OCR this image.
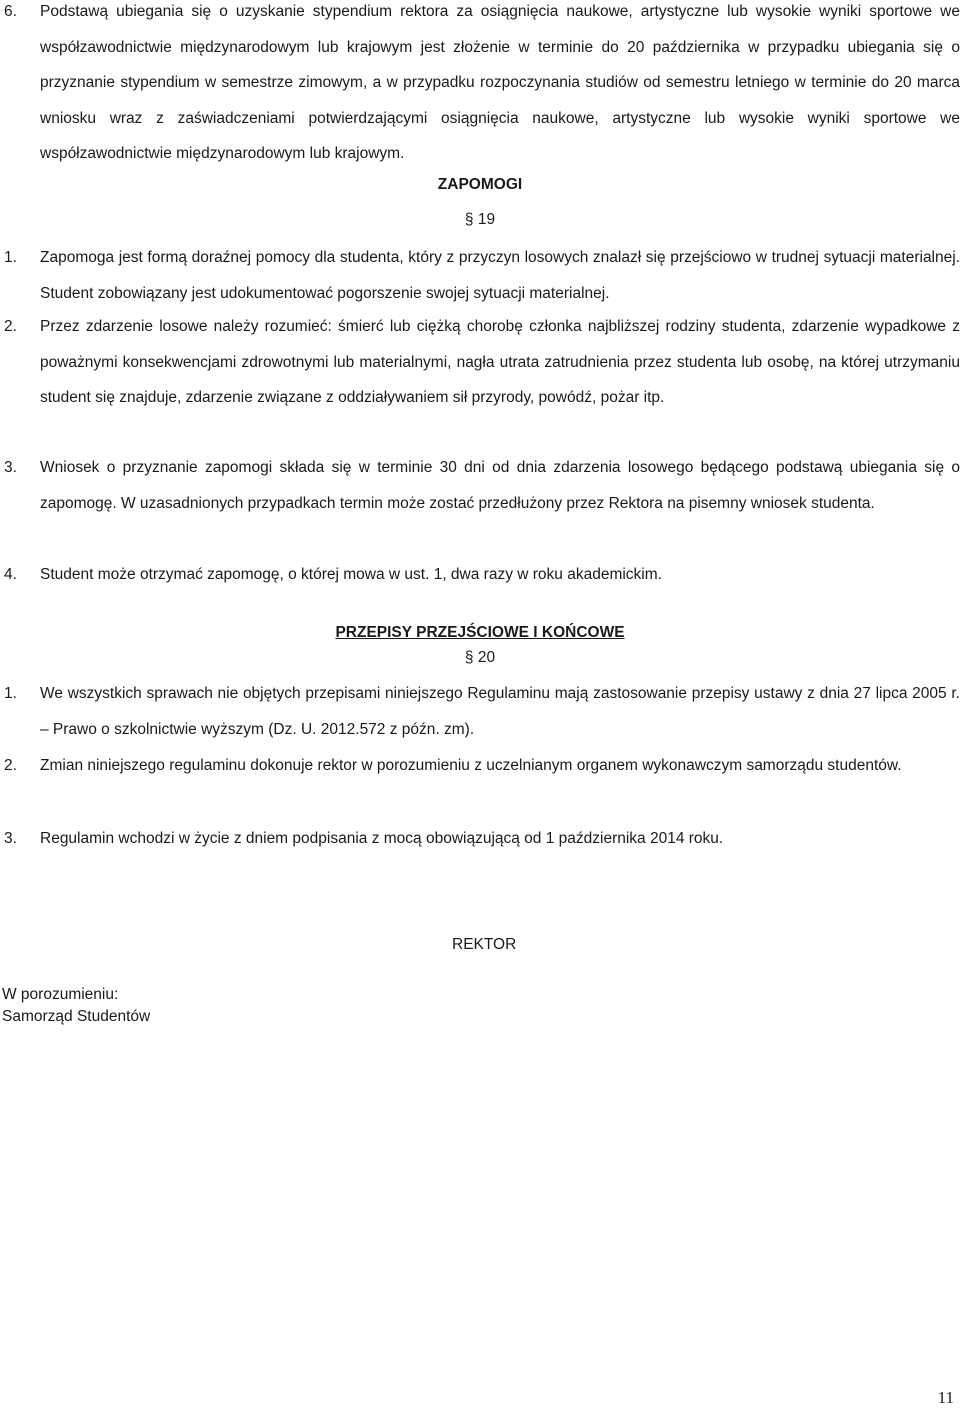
6. Podstawą ubiegania się o uzyskanie stypendium rektora za osiągnięcia naukowe, artystyczne lub wysokie wyniki sportowe we współzawodnictwie międzynarodowym lub krajowym jest złożenie w terminie do 20 października w przypadku ubiegania się o przyznanie stypendium w semestrze zimowym, a w przypadku rozpoczynania studiów od semestru letniego w terminie do 20 marca wniosku wraz z zaświadczeniami potwierdzającymi osiągnięcia naukowe, artystyczne lub wysokie wyniki sportowe we współzawodnictwie międzynarodowym lub krajowym.
ZAPOMOGI
§ 19
1. Zapomoga jest formą doraźnej pomocy dla studenta, który z przyczyn losowych znalazł się przejściowo w trudnej sytuacji materialnej. Student zobowiązany jest udokumentować pogorszenie swojej sytuacji materialnej.
2. Przez zdarzenie losowe należy rozumieć: śmierć lub ciężką chorobę członka najbliższej rodziny studenta, zdarzenie wypadkowe z poważnymi konsekwencjami zdrowotnymi lub materialnymi, nagła utrata zatrudnienia przez studenta lub osobę, na której utrzymaniu student się znajduje, zdarzenie związane z oddziaływaniem sił przyrody, powódź, pożar itp.
3. Wniosek o przyznanie zapomogi składa się w terminie 30 dni od dnia zdarzenia losowego będącego podstawą ubiegania się o zapomogę. W uzasadnionych przypadkach termin może zostać przedłużony przez Rektora na pisemny wniosek studenta.
4. Student może otrzymać zapomogę, o której mowa w ust. 1, dwa razy w roku akademickim.
PRZEPISY PRZEJŚCIOWE I KOŃCOWE
§ 20
1. We wszystkich sprawach nie objętych przepisami niniejszego Regulaminu mają zastosowanie przepisy ustawy z dnia 27 lipca 2005 r. – Prawo o szkolnictwie wyższym (Dz. U. 2012.572 z późn. zm).
2. Zmian niniejszego regulaminu dokonuje rektor w porozumieniu z uczelnianym organem wykonawczym samorządu studentów.
3. Regulamin wchodzi w życie z dniem podpisania z mocą obowiązującą od 1 października 2014 roku.
REKTOR
W porozumieniu:
Samorząd Studentów
11
